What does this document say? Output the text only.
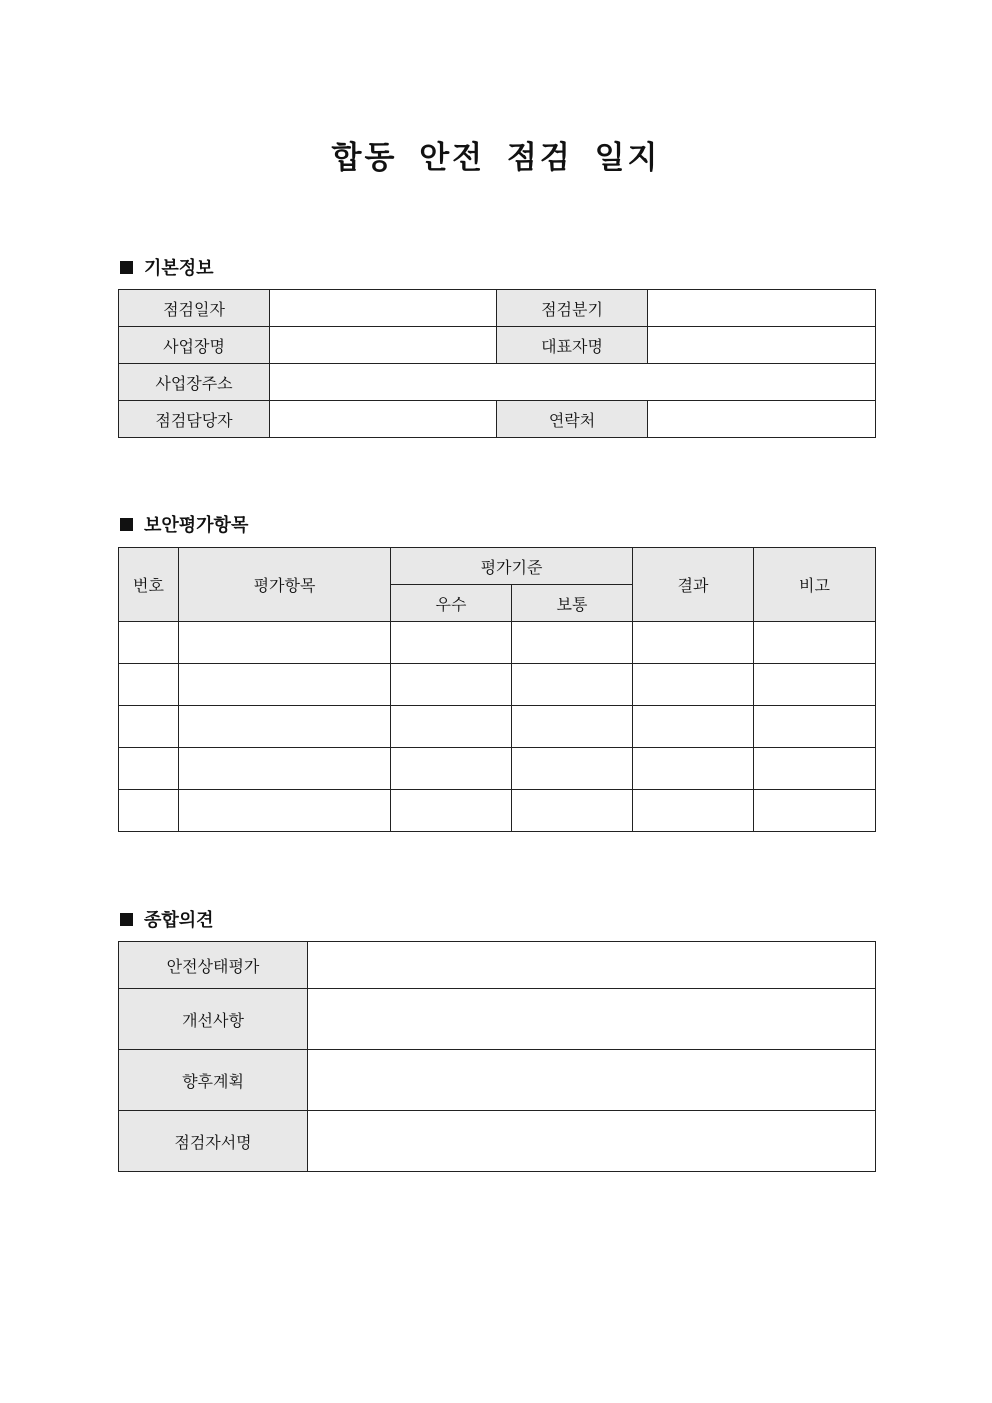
합동 안전 점검 일지
기본정보
점검일자		점검분기	
사업장명		대표자명	
사업장주소			
점검담당자		연락처	
보안평가항목
번호	평가항목	평가기준		결과	비고
		우수	보통		

종합의견
안전상태평가	
개선사항	
향후계획	
점검자서명	
